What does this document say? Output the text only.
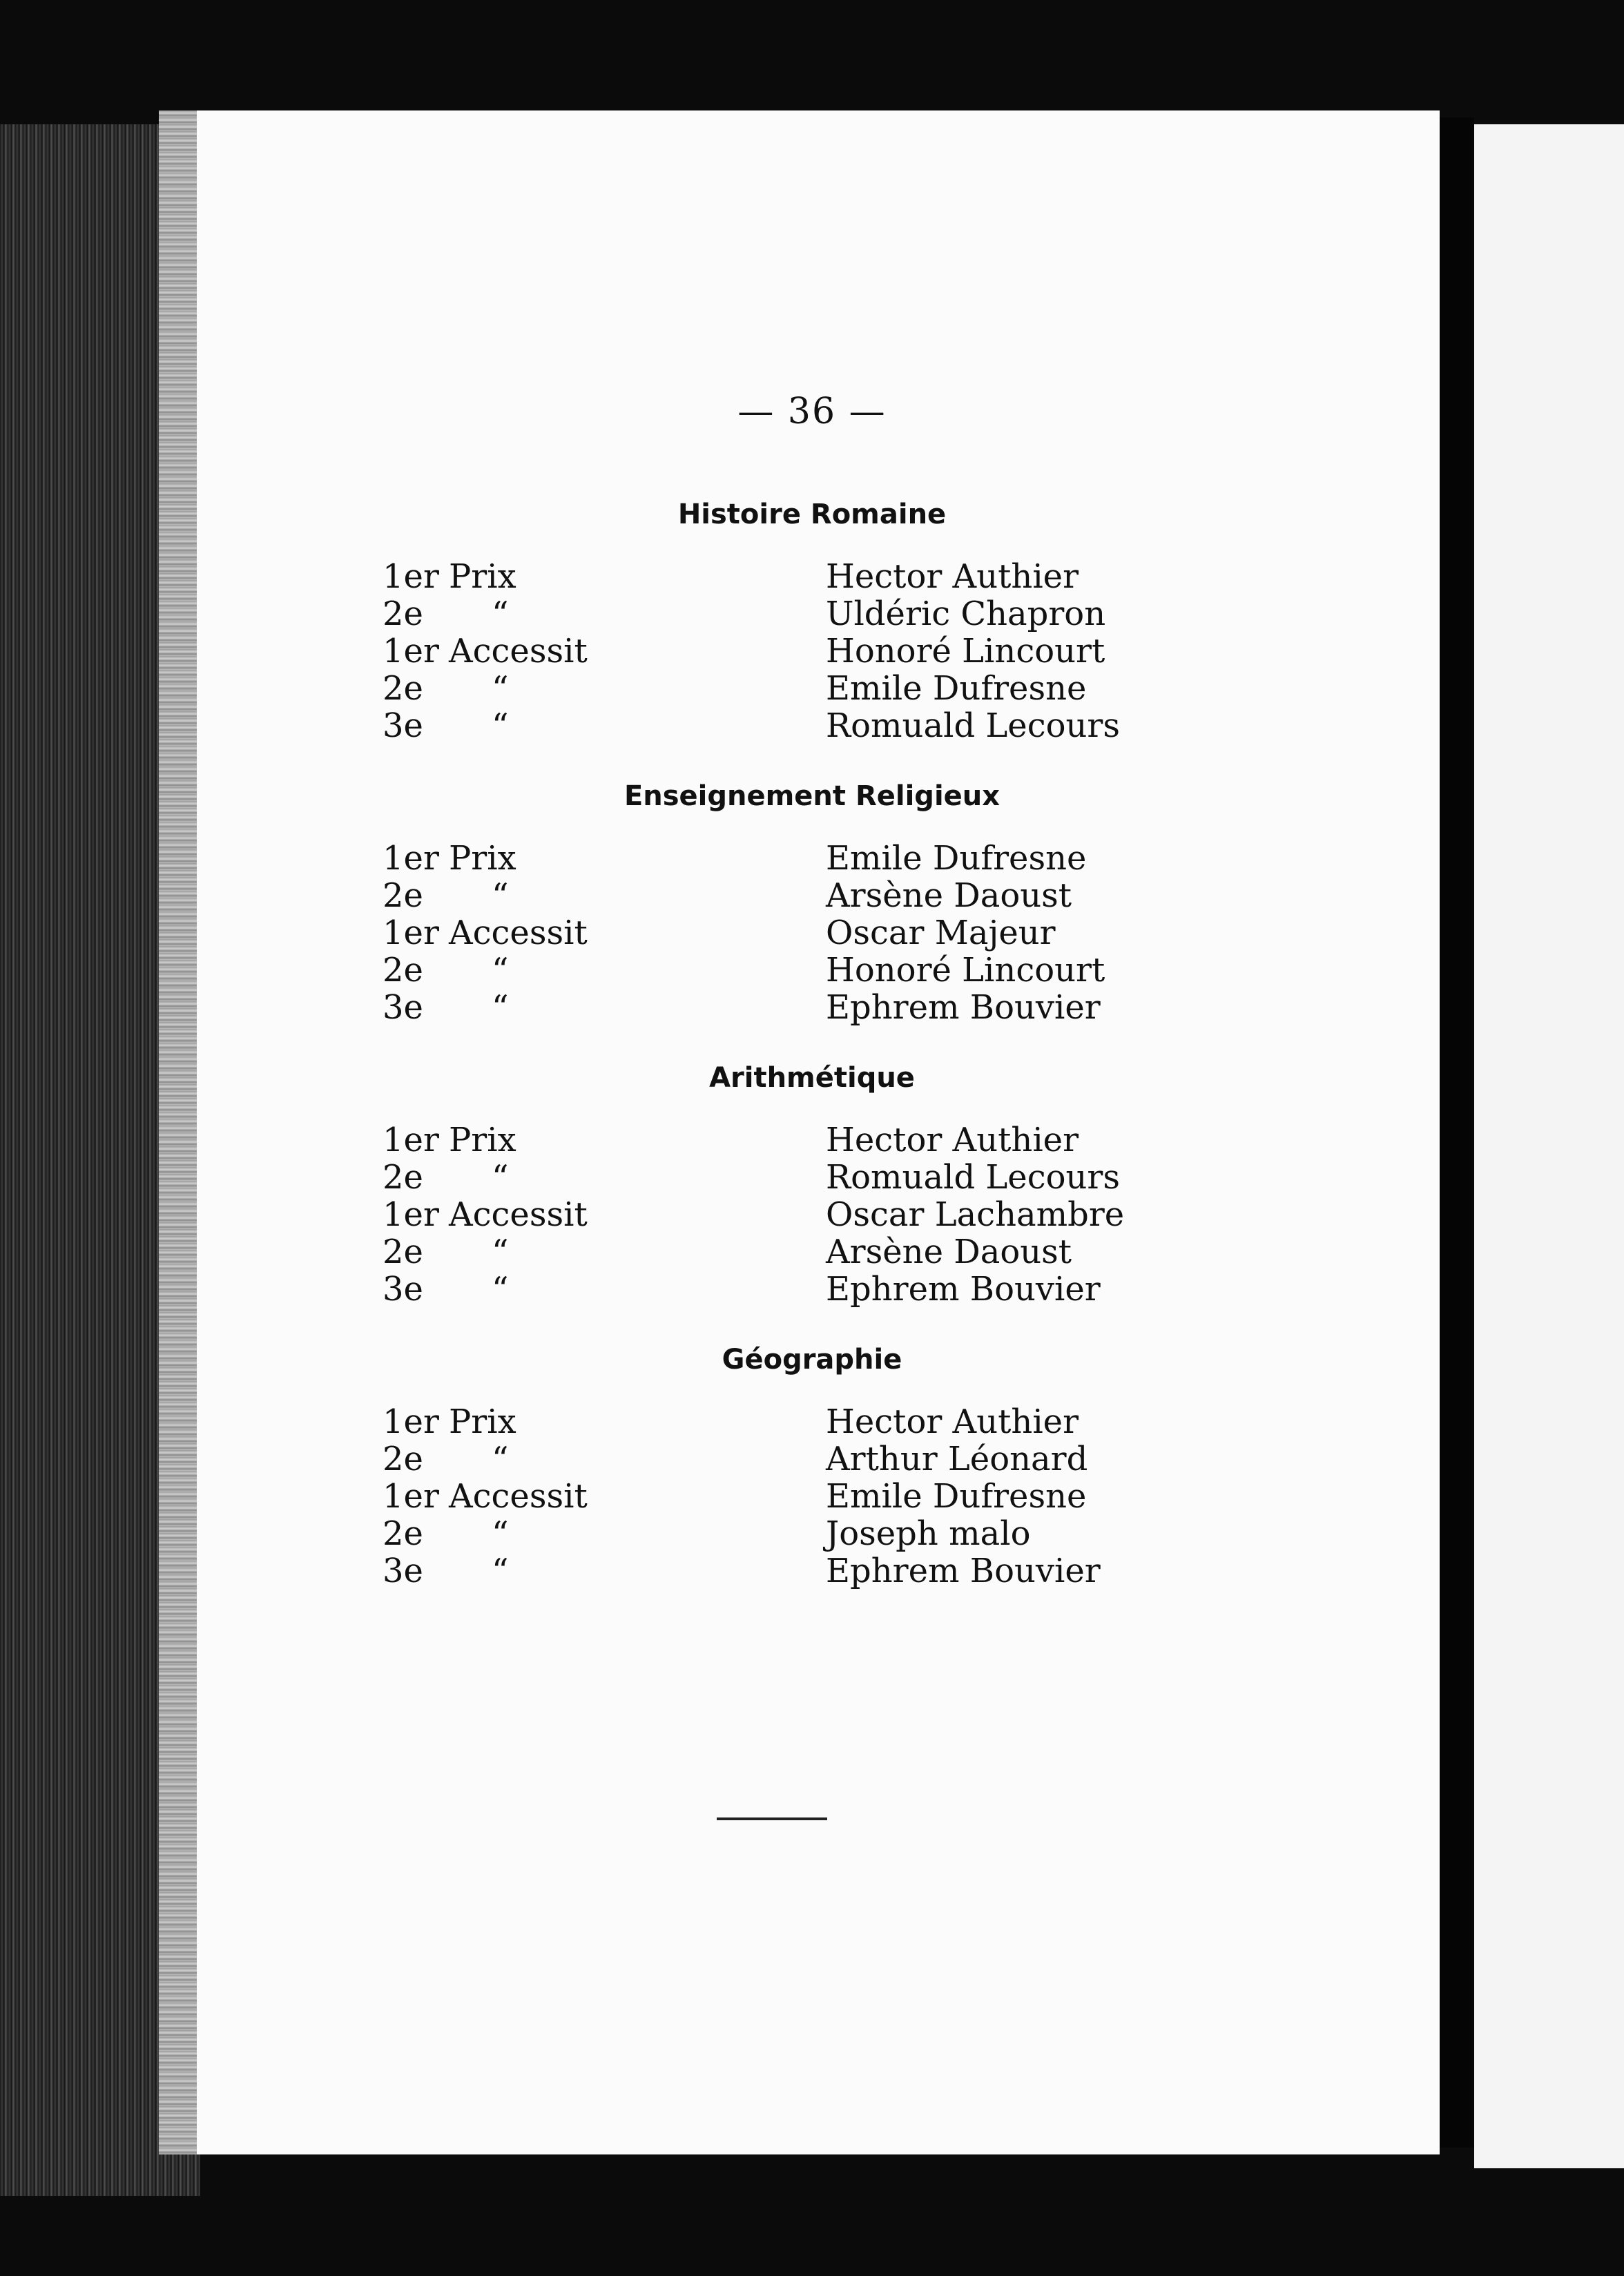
— 36 —
Histoire Romaine
1er Prix	Hector Authier
2e “	Uldéric Chapron
1er Accessit	Honoré Lincourt
2e “	Emile Dufresne
3e “	Romuald Lecours
Enseignement Religieux
1er Prix	Emile Dufresne
2e “	Arsène Daoust
1er Accessit	Oscar Majeur
2e “	Honoré Lincourt
3e “	Ephrem Bouvier
Arithmétique
1er Prix	Hector Authier
2e “	Romuald Lecours
1er Accessit	Oscar Lachambre
2e “	Arsène Daoust
3e “	Ephrem Bouvier
Géographie
1er Prix	Hector Authier
2e “	Arthur Léonard
1er Accessit	Emile Dufresne
2e “	Joseph malo
3e “	Ephrem Bouvier
